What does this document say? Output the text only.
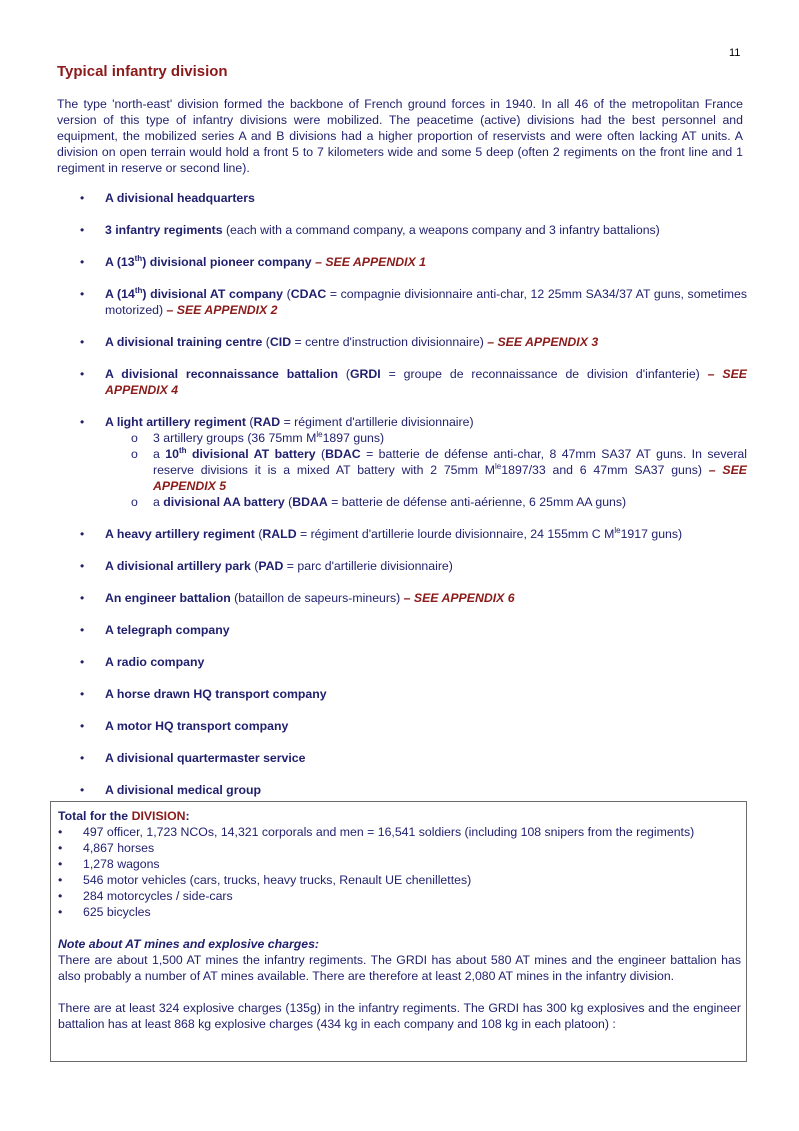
11
Typical infantry division

The type 'north-east' division formed the backbone of French ground forces in 1940. In all 46 of the metropolitan France version of this type of infantry divisions were mobilized. The peacetime (active) divisions had the best personnel and equipment, the mobilized series A and B divisions had a higher proportion of reservists and were often lacking AT units. A division on open terrain would hold a front 5 to 7 kilometers wide and some 5 deep (often 2 regiments on the front line and 1 regiment in reserve or second line).

• A divisional headquarters
• 3 infantry regiments (each with a command company, a weapons company and 3 infantry battalions)
• A (13th) divisional pioneer company – SEE APPENDIX 1
• A (14th) divisional AT company (CDAC = compagnie divisionnaire anti-char, 12 25mm SA34/37 AT guns, sometimes motorized) – SEE APPENDIX 2
• A divisional training centre (CID = centre d'instruction divisionnaire) – SEE APPENDIX 3
• A divisional reconnaissance battalion (GRDI = groupe de reconnaissance de division d'infanterie) – SEE APPENDIX 4
• A light artillery regiment (RAD = régiment d'artillerie divisionnaire)
o 3 artillery groups (36 75mm $M^{le}1897$ guns)
o a 10th divisional AT battery (BDAC = batterie de défense anti-char, 8 47mm SA37 AT guns. In several reserve divisions it is a mixed AT battery with 2 75mm $M^{le}1897/33$ and 6 47mm SA37 guns) – SEE APPENDIX 5
o a divisional AA battery (BDAA = batterie de défense anti-aérienne, 6 25mm AA guns)
• A heavy artillery regiment (RALD = régiment d'artillerie lourde divisionnaire, 24 155mm C $M^{le}1917$ guns)
• A divisional artillery park (PAD = parc d'artillerie divisionnaire)
• An engineer battalion (bataillon de sapeurs-mineurs) – SEE APPENDIX 6
• A telegraph company
• A radio company
• A horse drawn HQ transport company
• A motor HQ transport company
• A divisional quartermaster service
• A divisional medical group

Total for the DIVISION:

• 497 officer, 1,723 NCOs, 14,321 corporals and men = 16,541 soldiers (including 108 snipers from the regiments)
• 4,867 horses
• 1,278 wagons
• 546 motor vehicles (cars, trucks, heavy trucks, Renault UE chenillettes)
• 284 motorcycles / side-cars
• 625 bicycles

Note about AT mines and explosive charges:

There are about 1,500 AT mines the infantry regiments. The GRDI has about 580 AT mines and the engineer battalion has also probably a number of AT mines available. There are therefore at least 2,080 AT mines in the infantry division.

There are at least 324 explosive charges (135g) in the infantry regiments. The GRDI has 300 kg explosives and the engineer battalion has at least 868 kg explosive charges (434 kg in each company and 108 kg in each platoon) :
